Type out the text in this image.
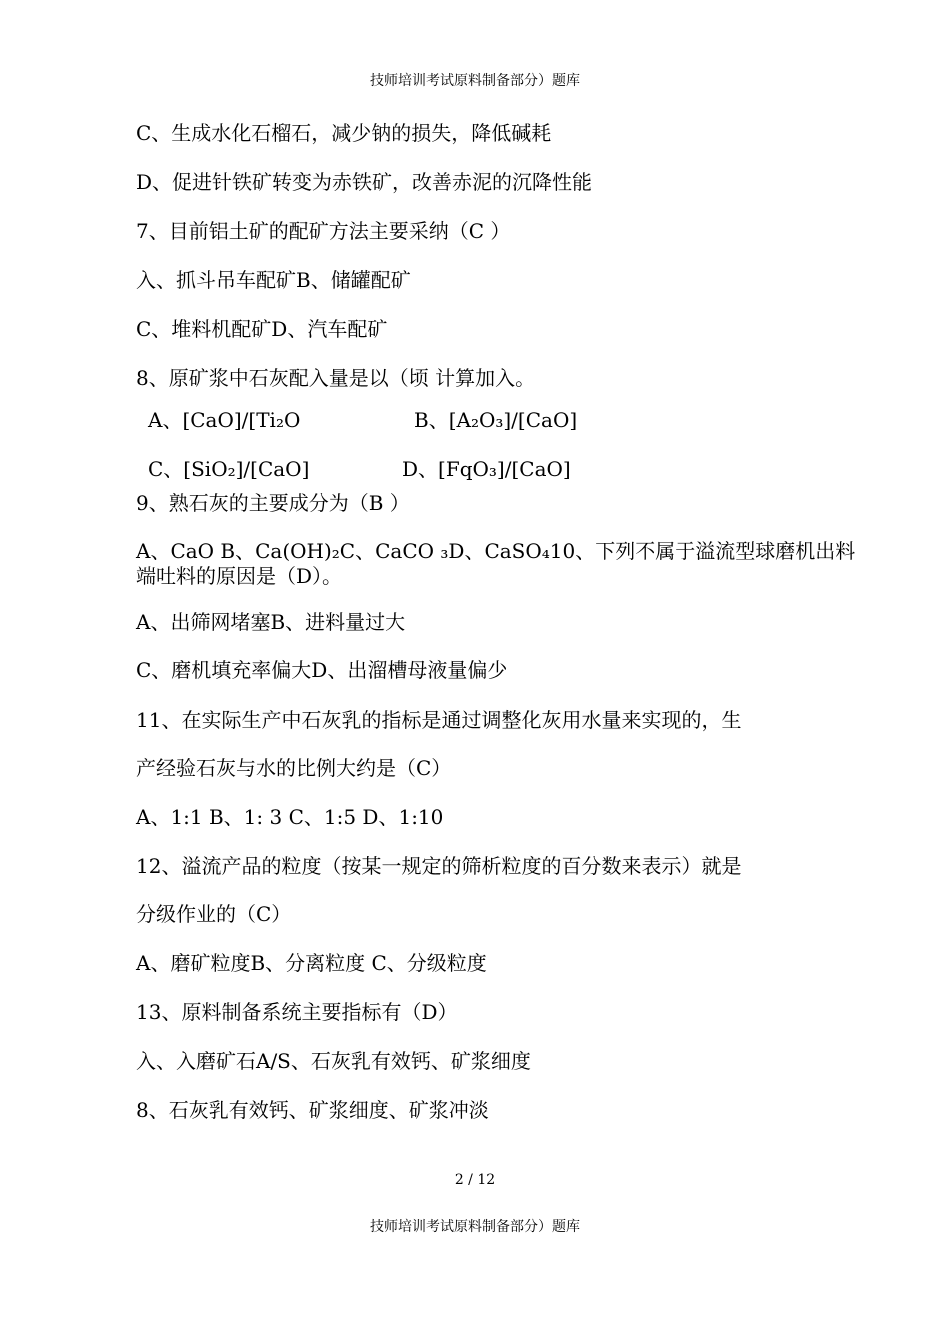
技师培训考试原料制备部分）题库
C、生成水化石榴石，减少钠的损失，降低碱耗
D、促进针铁矿转变为赤铁矿，改善赤泥的沉降性能
7、目前铝土矿的配矿方法主要采纳（C ）
入、抓斗吊车配矿B、储罐配矿
C、堆料机配矿D、汽车配矿
8、原矿浆中石灰配入量是以（顷 计算加入。
A、[CaO]/[Ti₂O	B、[A₂O₃]/[CaO]
C、[SiO₂]/[CaO]	D、[FqO₃]/[CaO]
9、熟石灰的主要成分为（B ）
A、CaO B、Ca(OH)₂C、CaCO ₃D、CaSO₄10、下列不属于溢流型球磨机出料
端吐料的原因是（D）。
A、出筛网堵塞B、进料量过大
C、磨机填充率偏大D、出溜槽母液量偏少
11、在实际生产中石灰乳的指标是通过调整化灰用水量来实现的，生
产经验石灰与水的比例大约是（C）
A、1:1 B、1: 3 C、1:5 D、1:10
12、溢流产品的粒度（按某一规定的筛析粒度的百分数来表示）就是
分级作业的（C）
A、磨矿粒度B、分离粒度 C、分级粒度
13、原料制备系统主要指标有（D）
入、入磨矿石A/S、石灰乳有效钙、矿浆细度
8、石灰乳有效钙、矿浆细度、矿浆冲淡
2 / 12
技师培训考试原料制备部分）题库
